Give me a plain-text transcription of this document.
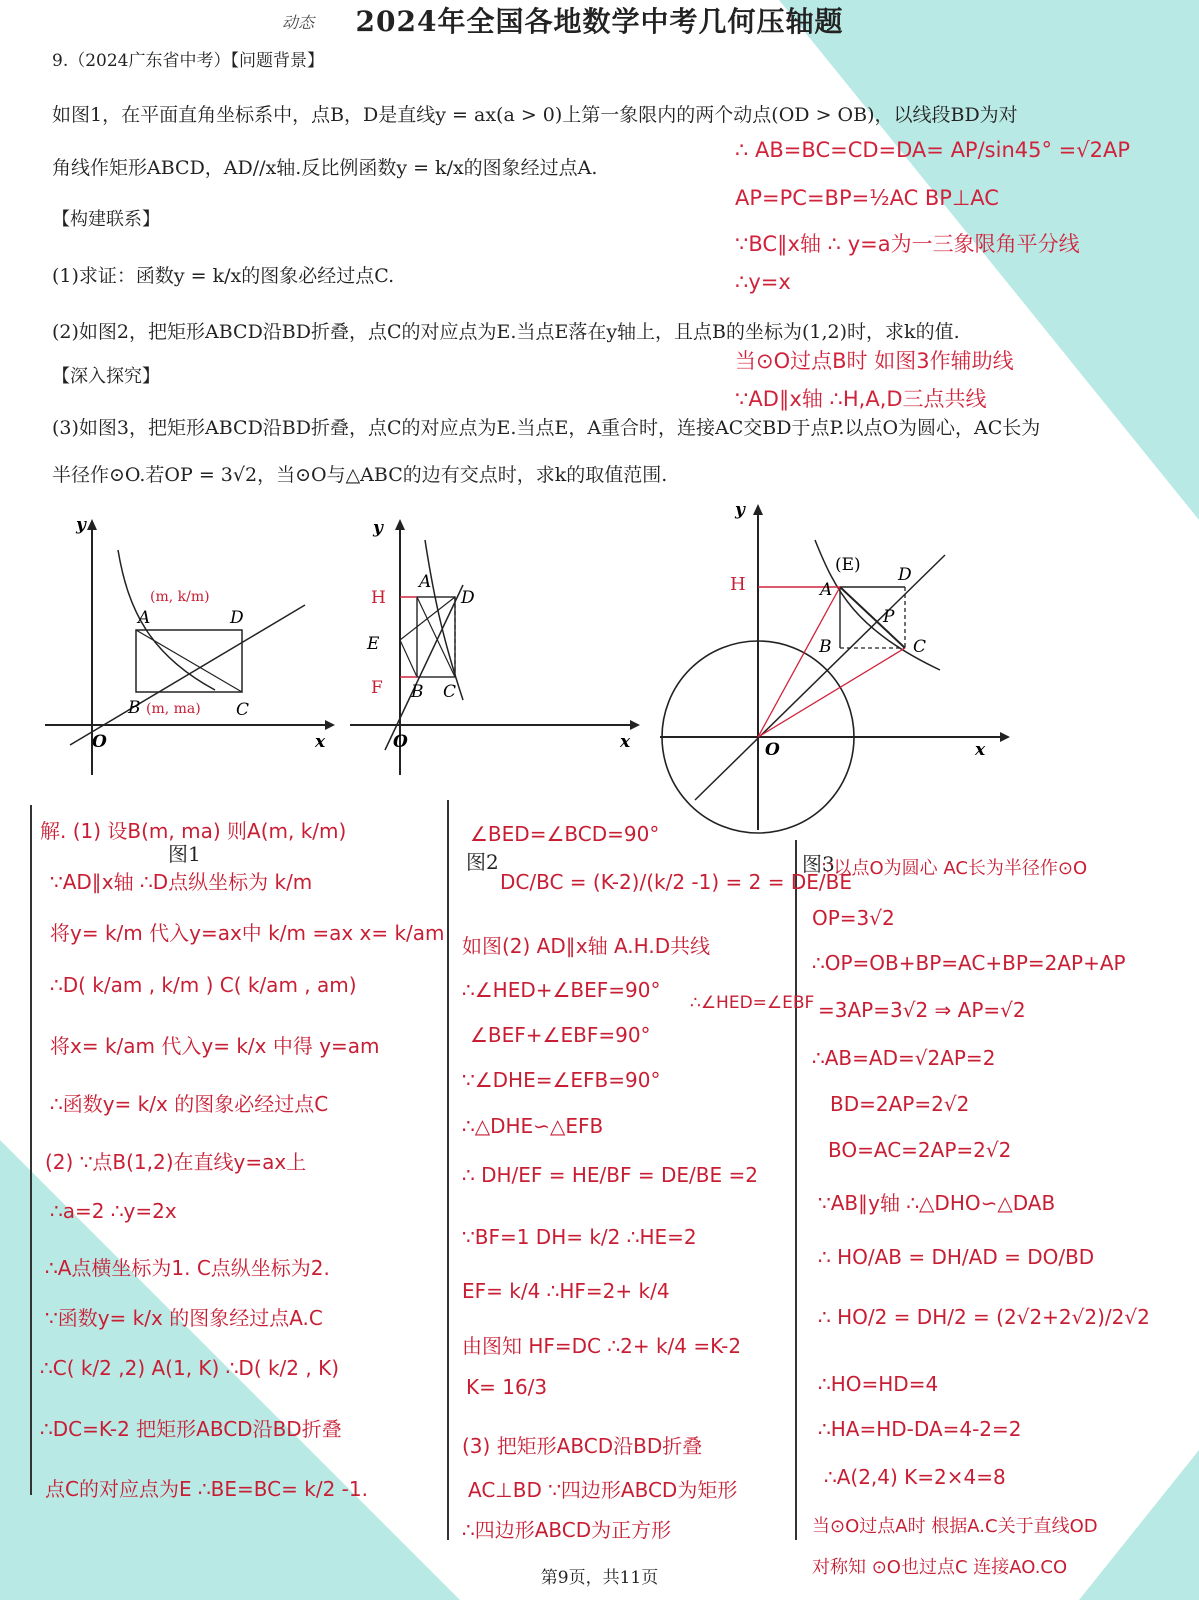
动态	2024年全国各地数学中考几何压轴题
9.（2024广东省中考）【问题背景】
如图1，在平面直角坐标系中，点B，D是直线y = ax(a > 0)上第一象限内的两个动点(OD > OB)，以线段BD为对
角线作矩形ABCD，AD//x轴.反比例函数y = k/x的图象经过点A.
【构建联系】
(1)求证：函数y = k/x的图象必经过点C.
(2)如图2，把矩形ABCD沿BD折叠，点C的对应点为E.当点E落在y轴上，且点B的坐标为(1,2)时，求k的值.
【深入探究】
(3)如图3，把矩形ABCD沿BD折叠，点C的对应点为E.当点E，A重合时，连接AC交BD于点P.以点O为圆心，AC长为
半径作⊙O.若OP = 3√2，当⊙O与△ABC的边有交点时，求k的取值范围.
∴ AB=BC=CD=DA= AP/sin45° =√2AP
AP=PC=BP=½AC BP⊥AC
∵BC∥x轴 ∴ y=a为一三象限角平分线
∴y=x
当⊙O过点B时 如图3作辅助线
∵AD∥x轴 ∴H,A,D三点共线
A
(m, k/m)
D
B (m, ma) C
y
x
O
A
D
E
H
F B C
y
x
O
(E)
A
D
P
B	C
H
y
x
O
图1	图2	图3
解. (1) 设B(m, ma) 则A(m, k/m)
∵AD∥x轴 ∴D点纵坐标为 k/m
将y= k/m 代入y=ax中 k/m =ax x= k/am
∴D( k/am , k/m ) C( k/am , am)
将x= k/am 代入y= k/x 中得 y=am
∴函数y= k/x 的图象必经过点C
(2) ∵点B(1,2)在直线y=ax上
∴a=2 ∴y=2x
∴A点横坐标为1. C点纵坐标为2.
∵函数y= k/x 的图象经过点A.C
∴C( k/2 ,2) A(1, K) ∴D( k/2 , K)
∴DC=K-2 把矩形ABCD沿BD折叠
点C的对应点为E ∴BE=BC= k/2 -1.
∠BED=∠BCD=90°
DC/BC = (K-2)/(k/2 -1) = 2 = DE/BE
如图(2) AD∥x轴 A.H.D共线
∴∠HED+∠BEF=90°
∠BEF+∠EBF=90°
∴∠HED=∠EBF
∵∠DHE=∠EFB=90°
∴△DHE∽△EFB
∴ DH/EF = HE/BF = DE/BE =2
∵BF=1 DH= k/2 ∴HE=2
EF= k/4 ∴HF=2+ k/4
由图知 HF=DC ∴2+ k/4 =K-2
K= 16/3
(3) 把矩形ABCD沿BD折叠
AC⊥BD ∵四边形ABCD为矩形
∴四边形ABCD为正方形
∵以点O为圆心 AC长为半径作⊙O
OP=3√2
∴OP=OB+BP=AC+BP=2AP+AP
=3AP=3√2 ⇒ AP=√2
∴AB=AD=√2AP=2
BD=2AP=2√2
BO=AC=2AP=2√2
∵AB∥y轴 ∴△DHO∽△DAB
∴ HO/AB = DH/AD = DO/BD
∴ HO/2 = DH/2 = (2√2+2√2)/2√2
∴HO=HD=4
∴HA=HD-DA=4-2=2
∴A(2,4) K=2×4=8
当⊙O过点A时 根据A.C关于直线OD
对称知 ⊙O也过点C 连接AO.CO
第9页，共11页
